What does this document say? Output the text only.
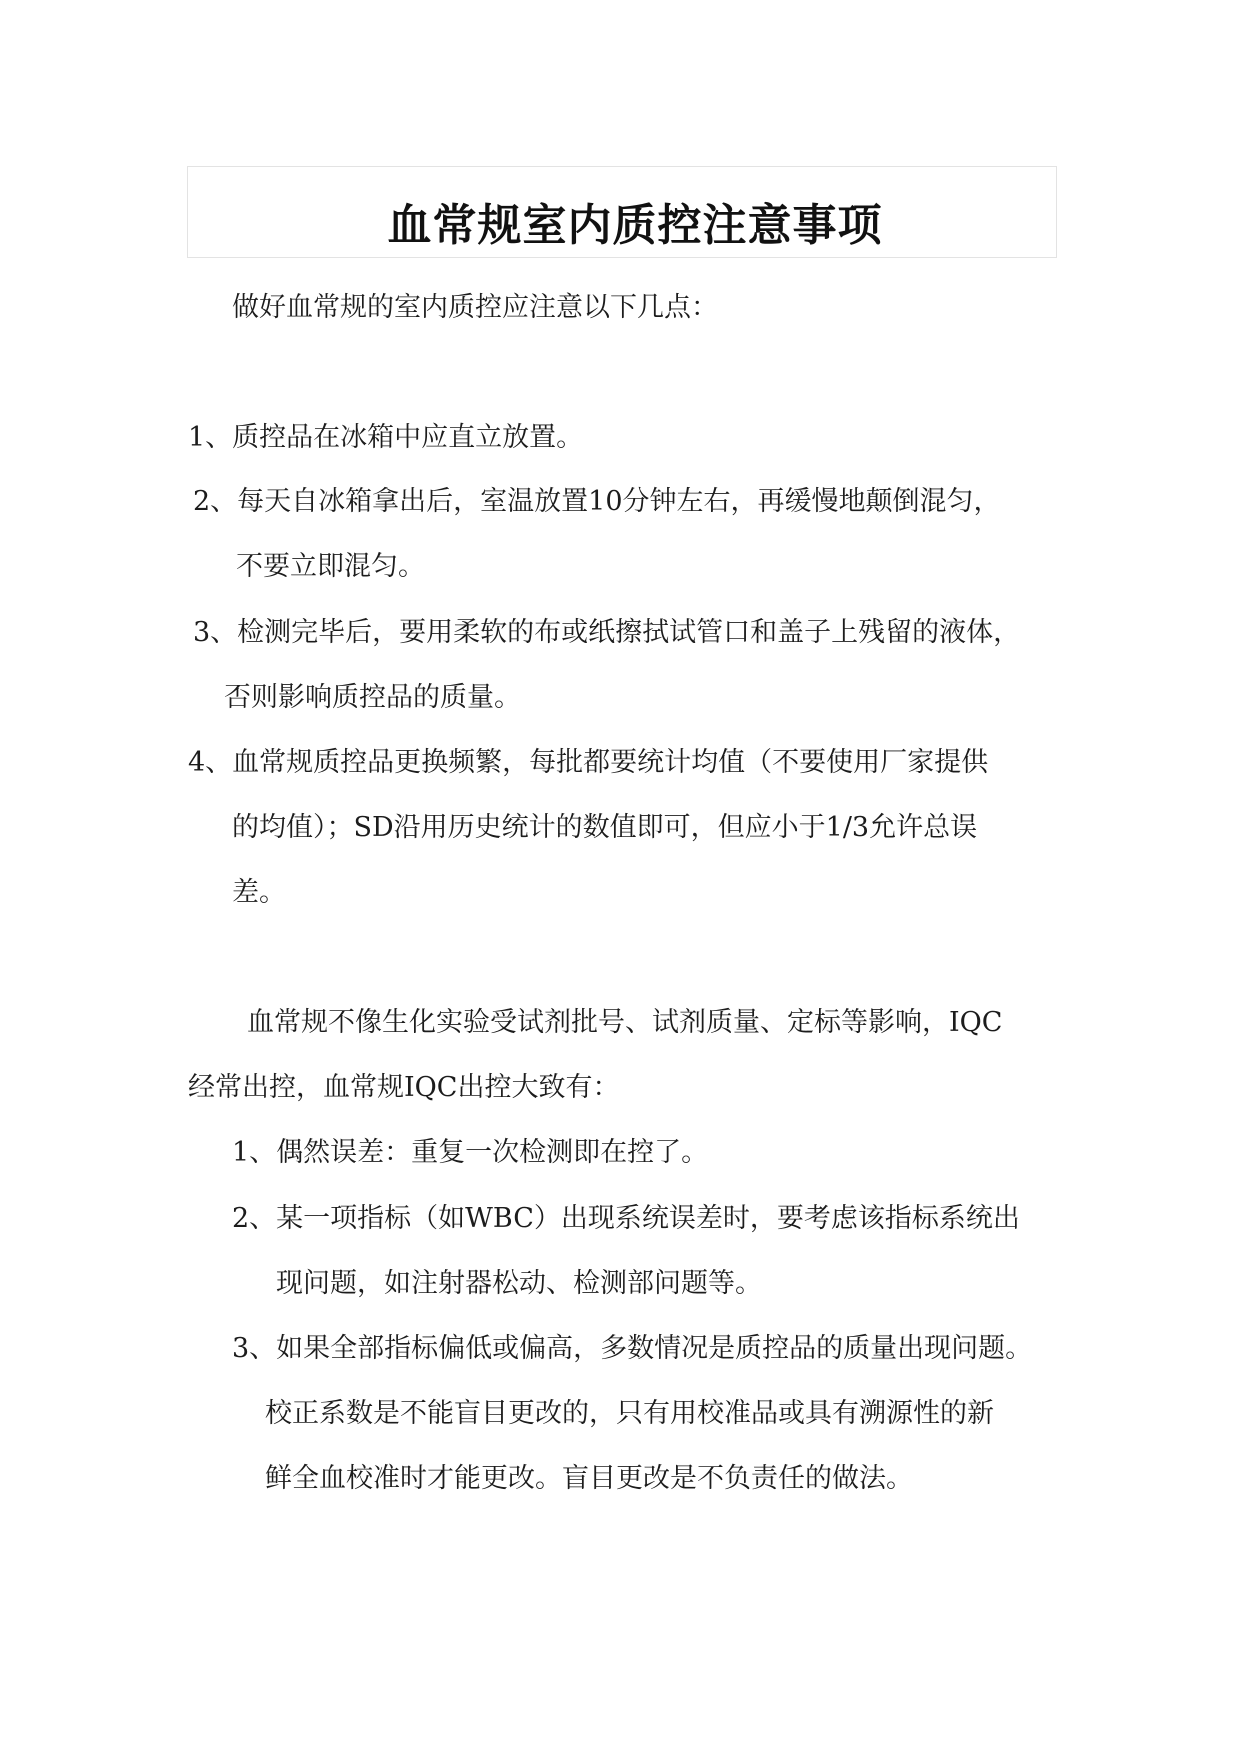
血常规室内质控注意事项
做好血常规的室内质控应注意以下几点：
1、质控品在冰箱中应直立放置。
2、每天自冰箱拿出后，室温放置10分钟左右，再缓慢地颠倒混匀，
不要立即混匀。
3、检测完毕后，要用柔软的布或纸擦拭试管口和盖子上残留的液体，
否则影响质控品的质量。
4、血常规质控品更换频繁，每批都要统计均值（不要使用厂家提供
的均值）；SD沿用历史统计的数值即可，但应小于1/3允许总误
差。
血常规不像生化实验受试剂批号、试剂质量、定标等影响，IQC
经常出控，血常规IQC出控大致有：
1、偶然误差：重复一次检测即在控了。
2、某一项指标（如WBC）出现系统误差时，要考虑该指标系统出
现问题，如注射器松动、检测部问题等。
3、如果全部指标偏低或偏高，多数情况是质控品的质量出现问题。
校正系数是不能盲目更改的，只有用校准品或具有溯源性的新
鲜全血校准时才能更改。盲目更改是不负责任的做法。
